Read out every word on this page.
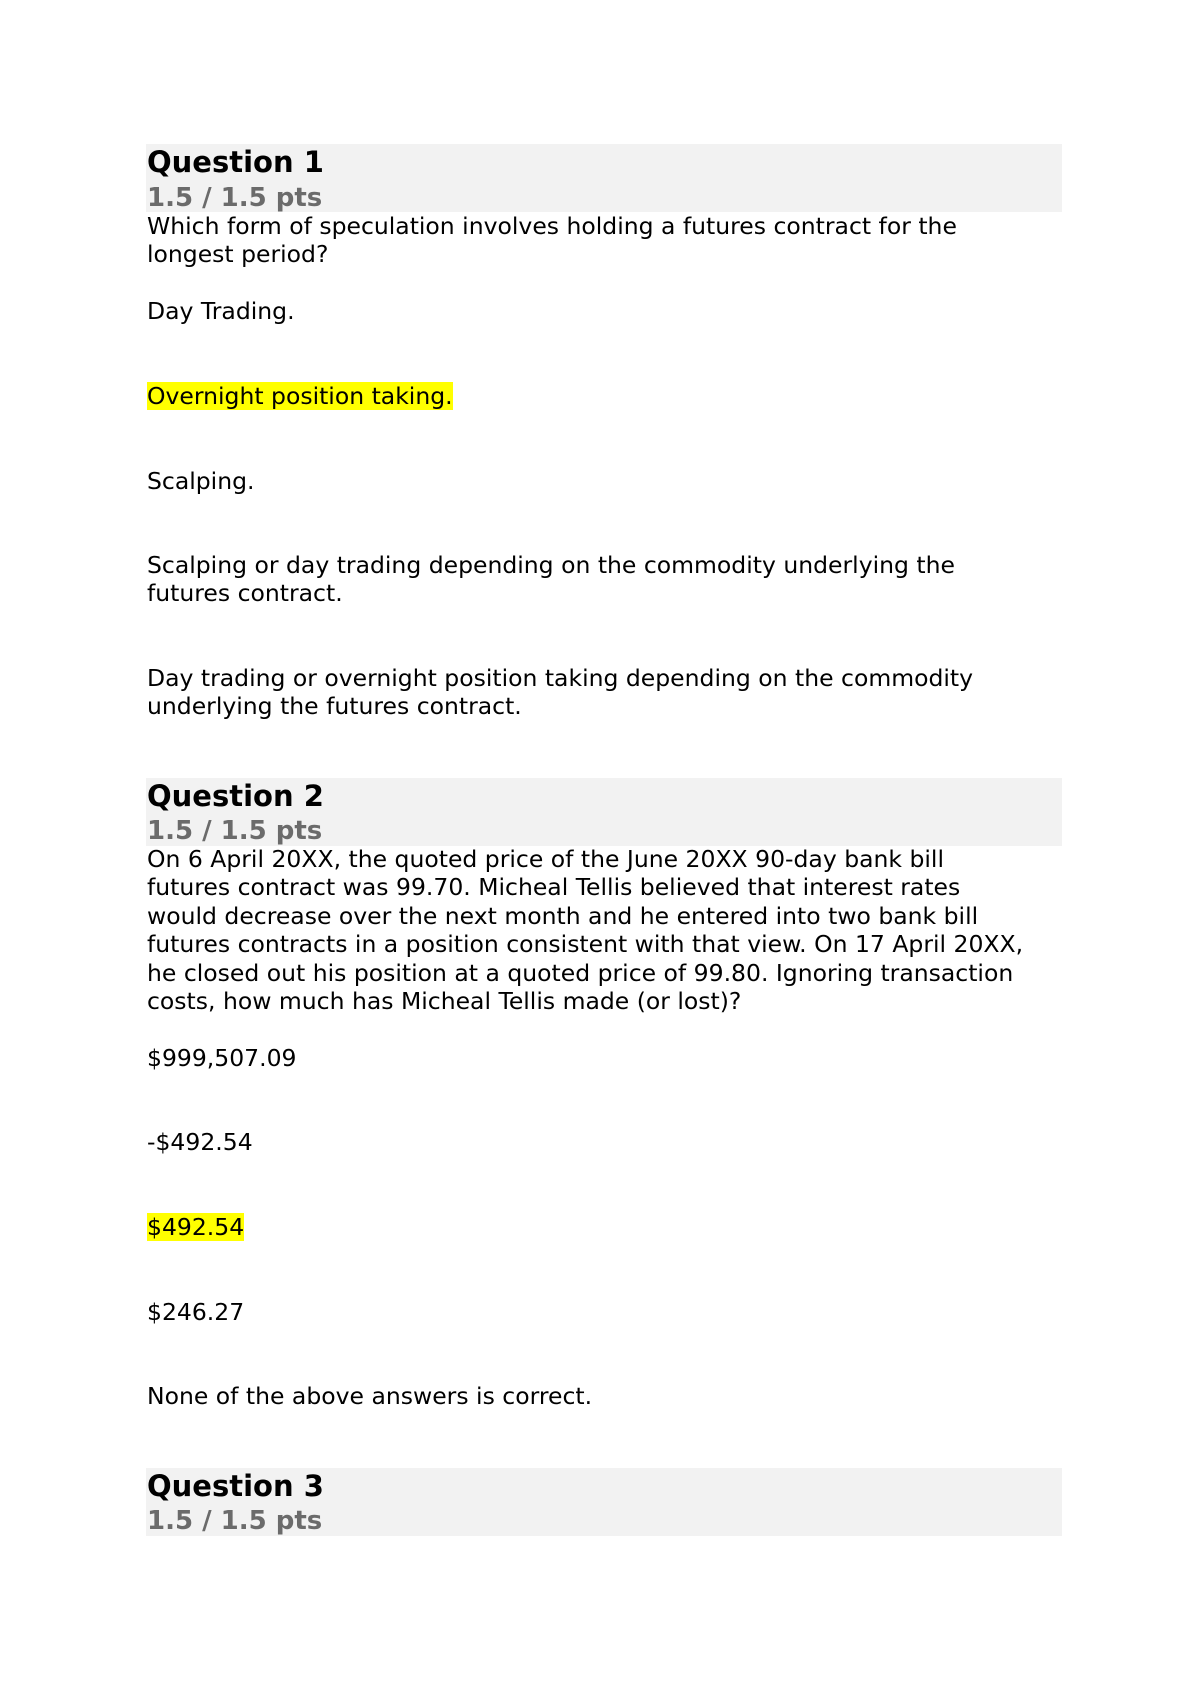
Question 1
1.5 / 1.5 pts
Which form of speculation involves holding a futures contract for the
longest period?
Day Trading.
Overnight position taking.
Scalping.
Scalping or day trading depending on the commodity underlying the
futures contract.
Day trading or overnight position taking depending on the commodity
underlying the futures contract.
Question 2
1.5 / 1.5 pts
On 6 April 20XX, the quoted price of the June 20XX 90-day bank bill
futures contract was 99.70. Micheal Tellis believed that interest rates
would decrease over the next month and he entered into two bank bill
futures contracts in a position consistent with that view. On 17 April 20XX,
he closed out his position at a quoted price of 99.80. Ignoring transaction
costs, how much has Micheal Tellis made (or lost)?
$999,507.09
-$492.54
$492.54
$246.27
None of the above answers is correct.
Question 3
1.5 / 1.5 pts
